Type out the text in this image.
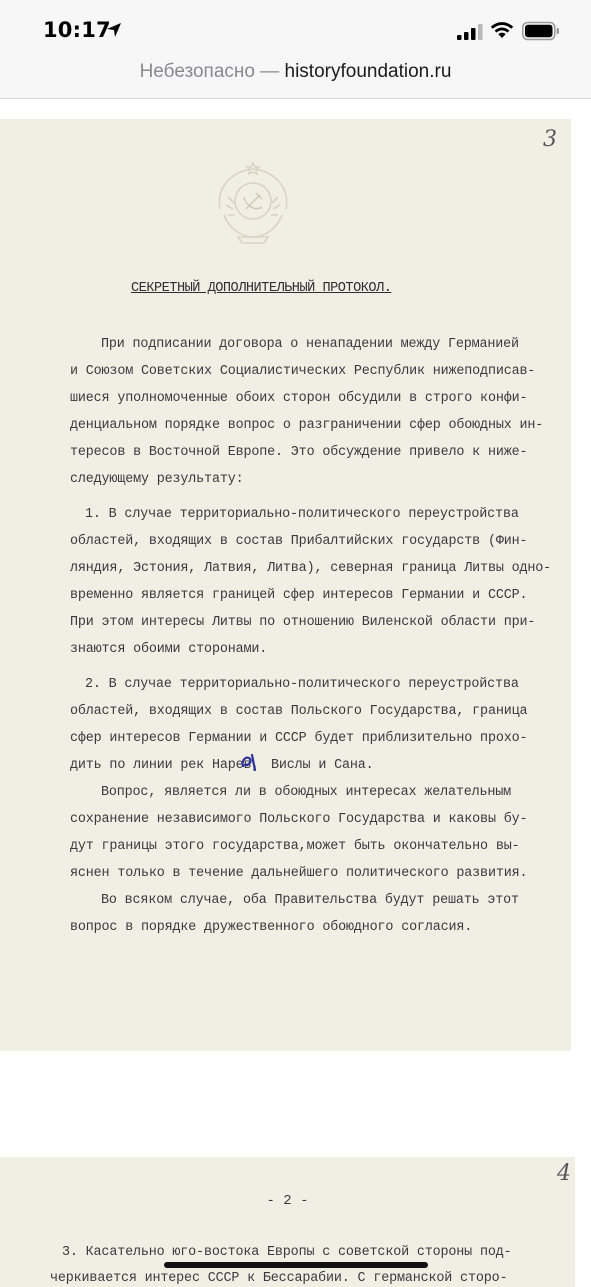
10:17
Небезопасно — historyfoundation.ru
3
СЕКРЕТНЫЙ ДОПОЛНИТЕЛЬНЫЙ ПРОТОКОЛ.
При подписании договора о ненападении между Германией
и Союзом Советских Социалистических Республик нижеподписав-
шиеся уполномоченные обоих сторон обсудили в строго конфи-
денциальном порядке вопрос о разграничении сфер обоюдных ин-
тересов в Восточной Европе. Это обсуждение привело к ниже-
следующему результату:
1. В случае территориально-политического переустройства
областей, входящих в состав Прибалтийских государств (Фин-
ляндия, Эстония, Латвия, Литва), северная граница Литвы одно-
временно является границей сфер интересов Германии и СССР.
При этом интересы Литвы по отношению Виленской области при-
знаются обоими сторонами.
2. В случае территориально-политического переустройства
областей, входящих в состав Польского Государства, граница
сфер интересов Германии и СССР будет приблизительно прохо-
дить по линии рек Нарев, Вислы и Сана.
Вопрос, является ли в обоюдных интересах желательным
сохранение независимого Польского Государства и каковы бу-
дут границы этого государства,может быть окончательно вы-
яснен только в течение дальнейшего политического развития.
Во всяком случае, оба Правительства будут решать этот
вопрос в порядке дружественного обоюдного согласия.
4
- 2 -
3. Касательно юго-востока Европы с советской стороны под-
черкивается интерес СССР к Бессарабии. С германской сторо-
